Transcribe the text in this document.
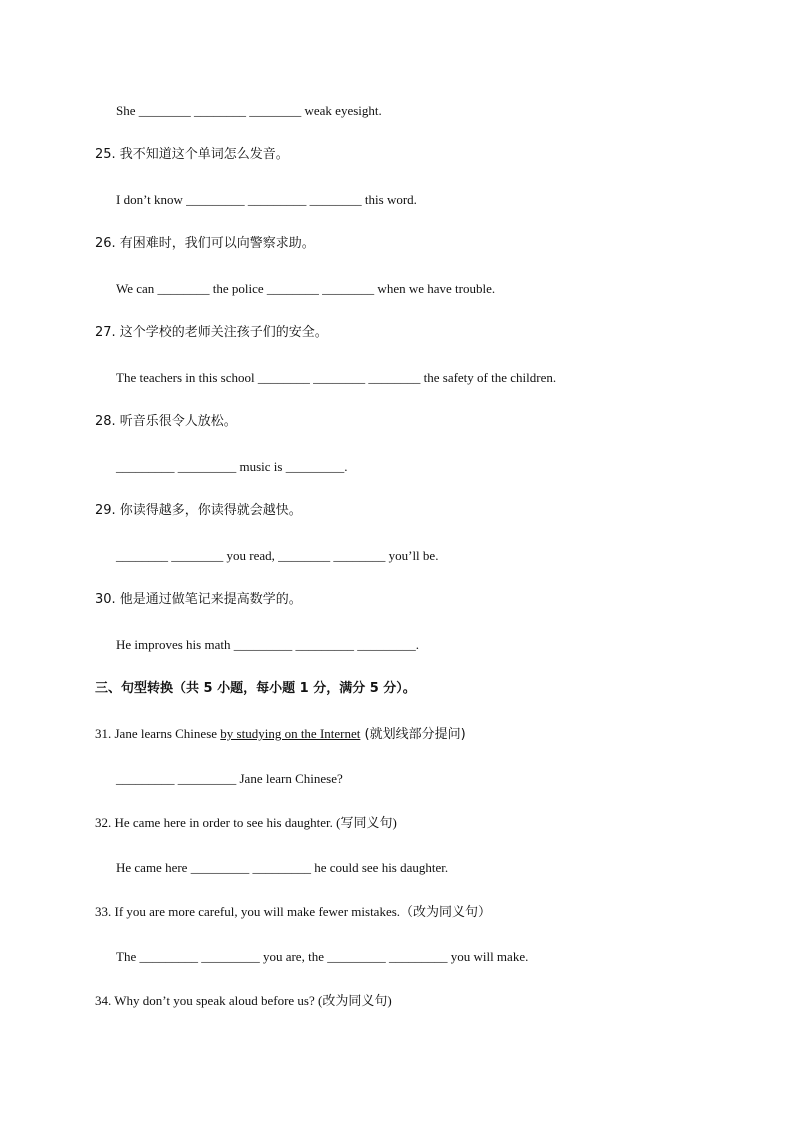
She ________ ________ ________ weak eyesight.
25. 我不知道这个单词怎么发音。
I don’t know _________ _________ ________ this word.
26. 有困难时，我们可以向警察求助。
We can ________ the police ________ ________ when we have trouble.
27. 这个学校的老师关注孩子们的安全。
The teachers in this school ________ ________ ________ the safety of the children.
28. 听音乐很令人放松。
_________ _________ music is _________.
29. 你读得越多，你读得就会越快。
________ ________ you read, ________ ________ you’ll be.
30. 他是通过做笔记来提高数学的。
He improves his math _________ _________ _________.
三、句型转换（共 5 小题，每小题 1 分，满分 5 分）。
31. Jane learns Chinese by studying on the Internet (就划线部分提问)
_________ _________ Jane learn Chinese?
32. He came here in order to see his daughter. (写同义句)
He came here _________ _________ he could see his daughter.
33. If you are more careful, you will make fewer mistakes.（改为同义句）
The _________ _________ you are, the _________ _________ you will make.
34. Why don’t you speak aloud before us? (改为同义句)
